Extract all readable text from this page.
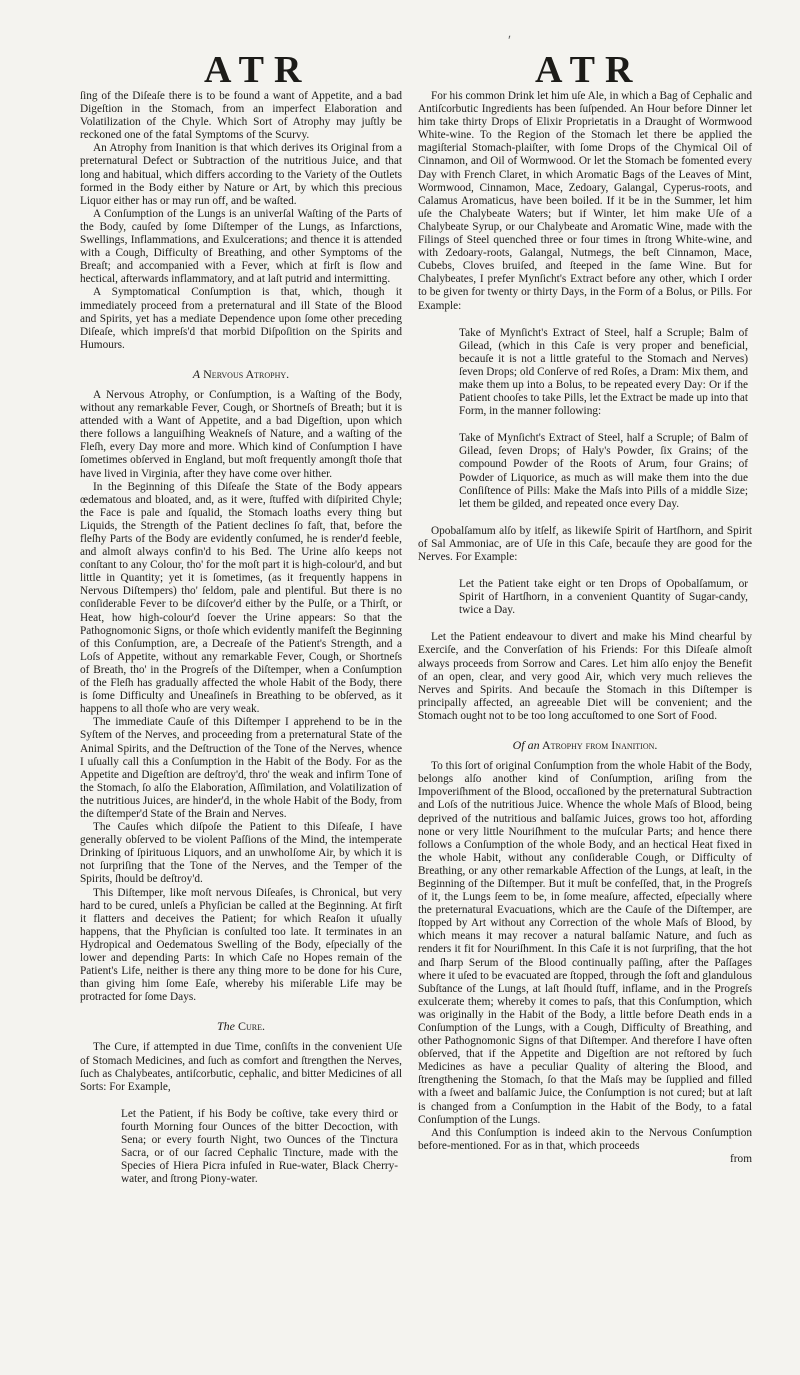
ʹ
ATR	ATR

ſing of the Diſeaſe there is to be found a want of Appetite, and a bad Digeſtion in the Stomach, from an imperfect Elaboration and Volatilization of the Chyle. Which Sort of Atrophy may juſtly be reckoned one of the fatal Symptoms of the Scurvy.

An Atrophy from Inanition is that which derives its Original from a preternatural Defect or Subtraction of the nutritious Juice, and that long and habitual, which differs according to the Variety of the Outlets formed in the Body either by Nature or Art, by which this precious Liquor either has or may run off, and be waſted.

A Conſumption of the Lungs is an univerſal Waſting of the Parts of the Body, cauſed by ſome Diſtemper of the Lungs, as Infarctions, Swellings, Inflammations, and Exulcerations; and thence it is attended with a Cough, Difficulty of Breathing, and other Symptoms of the Breaſt; and accompanied with a Fever, which at firſt is ſlow and hectical, afterwards inflammatory, and at laſt putrid and intermitting.

A Symptomatical Conſumption is that, which, though it immediately proceed from a preternatural and ill State of the Blood and Spirits, yet has a mediate Dependence upon ſome other preceding Diſeaſe, which impreſs'd that morbid Diſpoſition on the Spirits and Humours.

A Nervous Atrophy.

A Nervous Atrophy, or Conſumption, is a Waſting of the Body, without any remarkable Fever, Cough, or Shortneſs of Breath; but it is attended with a Want of Appetite, and a bad Digeſtion, upon which there follows a languiſhing Weakneſs of Nature, and a waſting of the Fleſh, every Day more and more. Which kind of Conſumption I have ſometimes obſerved in England, but moſt frequently amongſt thoſe that have lived in Virginia, after they have come over hither.

In the Beginning of this Diſeaſe the State of the Body appears œdematous and bloated, and, as it were, ſtuffed with diſpirited Chyle; the Face is pale and ſqualid, the Stomach loaths every thing but Liquids, the Strength of the Patient declines ſo faſt, that, before the fleſhy Parts of the Body are evidently conſumed, he is render'd feeble, and almoſt always confin'd to his Bed. The Urine alſo keeps not conſtant to any Colour, tho' for the moſt part it is high-colour'd, and but little in Quantity; yet it is ſometimes, (as it frequently happens in Nervous Diſtempers) tho' ſeldom, pale and plentiful. But there is no conſiderable Fever to be diſcover'd either by the Pulſe, or a Thirſt, or Heat, how high-colour'd ſoever the Urine appears: So that the Pathognomonic Signs, or thoſe which evidently manifeſt the Beginning of this Conſumption, are, a Decreaſe of the Patient's Strength, and a Loſs of Appetite, without any remarkable Fever, Cough, or Shortneſs of Breath, tho' in the Progreſs of the Diſtemper, when a Conſumption of the Fleſh has gradually affected the whole Habit of the Body, there is ſome Difficulty and Uneaſineſs in Breathing to be obſerved, as it happens to all thoſe who are very weak.

The immediate Cauſe of this Diſtemper I apprehend to be in the Syſtem of the Nerves, and proceeding from a preternatural State of the Animal Spirits, and the Deſtruction of the Tone of the Nerves, whence I uſually call this a Conſumption in the Habit of the Body. For as the Appetite and Digeſtion are deſtroy'd, thro' the weak and infirm Tone of the Stomach, ſo alſo the Elaboration, Aſſimilation, and Volatilization of the nutritious Juices, are hinder'd, in the whole Habit of the Body, from the diſtemper'd State of the Brain and Nerves.

The Cauſes which diſpoſe the Patient to this Diſeaſe, I have generally obſerved to be violent Paſſions of the Mind, the intemperate Drinking of ſpirituous Liquors, and an unwholſome Air, by which it is not ſurpriſing that the Tone of the Nerves, and the Temper of the Spirits, ſhould be deſtroy'd.

This Diſtemper, like moſt nervous Diſeaſes, is Chronical, but very hard to be cured, unleſs a Phyſician be called at the Beginning. At firſt it flatters and deceives the Patient; for which Reaſon it uſually happens, that the Phyſician is conſulted too late. It terminates in an Hydropical and Oedematous Swelling of the Body, eſpecially of the lower and depending Parts: In which Caſe no Hopes remain of the Patient's Life, neither is there any thing more to be done for his Cure, than giving him ſome Eaſe, whereby his miſerable Life may be protracted for ſome Days.

The Cure.

The Cure, if attempted in due Time, conſiſts in the convenient Uſe of Stomach Medicines, and ſuch as comfort and ſtrengthen the Nerves, ſuch as Chalybeates, antiſcorbutic, cephalic, and bitter Medicines of all Sorts: For Example,

Let the Patient, if his Body be coſtive, take every third or fourth Morning four Ounces of the bitter Decoction, with Sena; or every fourth Night, two Ounces of the Tinctura Sacra, or of our ſacred Cephalic Tincture, made with the Species of Hiera Picra infuſed in Rue-water, Black Cherry-water, and ſtrong Piony-water.

For his common Drink let him uſe Ale, in which a Bag of Cephalic and Antiſcorbutic Ingredients has been ſuſpended. An Hour before Dinner let him take thirty Drops of Elixir Proprietatis in a Draught of Wormwood White-wine. To the Region of the Stomach let there be applied the magiſterial Stomach-plaiſter, with ſome Drops of the Chymical Oil of Cinnamon, and Oil of Wormwood. Or let the Stomach be fomented every Day with French Claret, in which Aromatic Bags of the Leaves of Mint, Wormwood, Cinnamon, Mace, Zedoary, Galangal, Cyperus-roots, and Calamus Aromaticus, have been boiled. If it be in the Summer, let him uſe the Chalybeate Waters; but if Winter, let him make Uſe of a Chalybeate Syrup, or our Chalybeate and Aromatic Wine, made with the Filings of Steel quenched three or four times in ſtrong White-wine, and with Zedoary-roots, Galangal, Nutmegs, the beſt Cinnamon, Mace, Cubebs, Cloves bruiſed, and ſteeped in the ſame Wine. But for Chalybeates, I prefer Mynſicht's Extract before any other, which I order to be given for twenty or thirty Days, in the Form of a Bolus, or Pills. For Example:

Take of Mynſicht's Extract of Steel, half a Scruple; Balm of Gilead, (which in this Caſe is very proper and beneficial, becauſe it is not a little grateful to the Stomach and Nerves) ſeven Drops; old Conſerve of red Roſes, a Dram: Mix them, and make them up into a Bolus, to be repeated every Day: Or if the Patient chooſes to take Pills, let the Extract be made up into that Form, in the manner following:

Take of Mynſicht's Extract of Steel, half a Scruple; of Balm of Gilead, ſeven Drops; of Haly's Powder, ſix Grains; of the compound Powder of the Roots of Arum, four Grains; of Powder of Liquorice, as much as will make them into the due Conſiſtence of Pills: Make the Maſs into Pills of a middle Size; let them be gilded, and repeated once every Day.

Opobalſamum alſo by itſelf, as likewiſe Spirit of Hartſhorn, and Spirit of Sal Ammoniac, are of Uſe in this Caſe, becauſe they are good for the Nerves. For Example:

Let the Patient take eight or ten Drops of Opobalſamum, or Spirit of Hartſhorn, in a convenient Quantity of Sugar-candy, twice a Day.

Let the Patient endeavour to divert and make his Mind chearful by Exerciſe, and the Converſation of his Friends: For this Diſeaſe almoſt always proceeds from Sorrow and Cares. Let him alſo enjoy the Benefit of an open, clear, and very good Air, which very much relieves the Nerves and Spirits. And becauſe the Stomach in this Diſtemper is principally affected, an agreeable Diet will be convenient; and the Stomach ought not to be too long accuſtomed to one Sort of Food.

Of an Atrophy from Inanition.

To this ſort of original Conſumption from the whole Habit of the Body, belongs alſo another kind of Conſumption, ariſing from the Impoveriſhment of the Blood, occaſioned by the preternatural Subtraction and Loſs of the nutritious Juice. Whence the whole Maſs of Blood, being deprived of the nutritious and balſamic Juices, grows too hot, affording none or very little Nouriſhment to the muſcular Parts; and hence there follows a Conſumption of the whole Body, and an hectical Heat fixed in the whole Habit, without any conſiderable Cough, or Difficulty of Breathing, or any other remarkable Affection of the Lungs, at leaſt, in the Beginning of the Diſtemper. But it muſt be confeſſed, that, in the Progreſs of it, the Lungs ſeem to be, in ſome meaſure, affected, eſpecially where the preternatural Evacuations, which are the Cauſe of the Diſtemper, are ſtopped by Art without any Correction of the whole Maſs of Blood, by which means it may recover a natural balſamic Nature, and ſuch as renders it fit for Nouriſhment. In this Caſe it is not ſurpriſing, that the hot and ſharp Serum of the Blood continually paſſing, after the Paſſages where it uſed to be evacuated are ſtopped, through the ſoft and glandulous Subſtance of the Lungs, at laſt ſhould ſtuff, inflame, and in the Progreſs exulcerate them; whereby it comes to paſs, that this Conſumption, which was originally in the Habit of the Body, a little before Death ends in a Conſumption of the Lungs, with a Cough, Difficulty of Breathing, and other Pathognomonic Signs of that Diſtemper. And therefore I have often obſerved, that if the Appetite and Digeſtion are not reſtored by ſuch Medicines as have a peculiar Quality of altering the Blood, and ſtrengthening the Stomach, ſo that the Maſs may be ſupplied and filled with a ſweet and balſamic Juice, the Conſumption is not cured; but at laſt is changed from a Conſumption in the Habit of the Body, to a fatal Conſumption of the Lungs.

And this Conſumption is indeed akin to the Nervous Conſumption before-mentioned. For as in that, which proceeds

from
